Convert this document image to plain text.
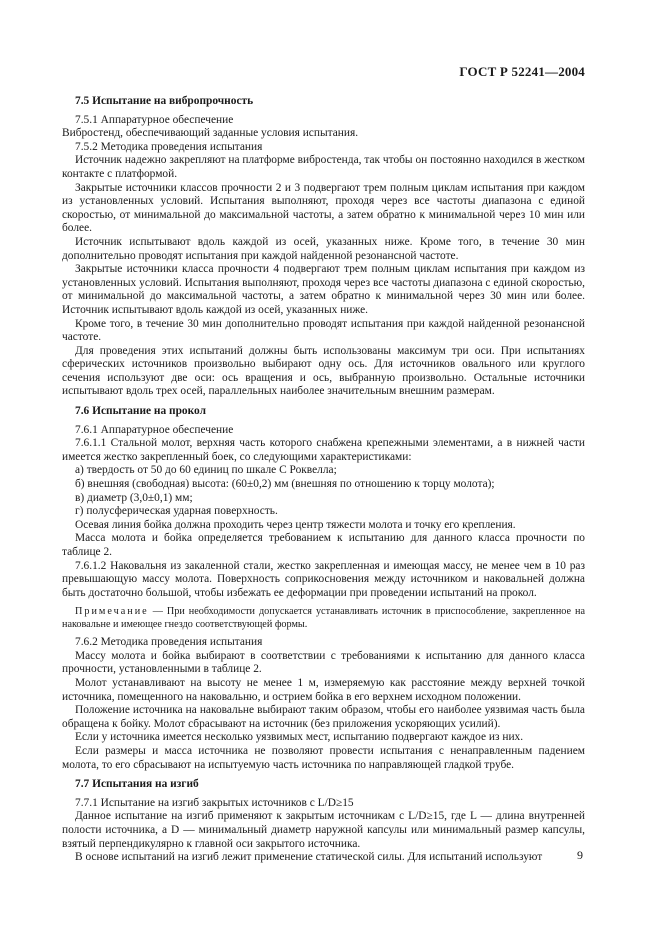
ГОСТ Р 52241—2004
7.5 Испытание на вибропрочность

7.5.1 Аппаратурное обеспечение

Вибростенд, обеспечивающий заданные условия испытания.

7.5.2 Методика проведения испытания

Источник надежно закрепляют на платформе вибростенда, так чтобы он постоянно находился в жестком контакте с платформой.

Закрытые источники классов прочности 2 и 3 подвергают трем полным циклам испытания при каждом из установленных условий. Испытания выполняют, проходя через все частоты диапазона с единой скоростью, от минимальной до максимальной частоты, а затем обратно к минимальной через 10 мин или более.

Источник испытывают вдоль каждой из осей, указанных ниже. Кроме того, в течение 30 мин дополнительно проводят испытания при каждой найденной резонансной частоте.

Закрытые источники класса прочности 4 подвергают трем полным циклам испытания при каждом из установленных условий. Испытания выполняют, проходя через все частоты диапазона с единой скоростью, от минимальной до максимальной частоты, а затем обратно к минимальной через 30 мин или более. Источник испытывают вдоль каждой из осей, указанных ниже.

Кроме того, в течение 30 мин дополнительно проводят испытания при каждой найденной резонансной частоте.

Для проведения этих испытаний должны быть использованы максимум три оси. При испытаниях сферических источников произвольно выбирают одну ось. Для источников овального или круглого сечения используют две оси: ось вращения и ось, выбранную произвольно. Остальные источники испытывают вдоль трех осей, параллельных наиболее значительным внешним размерам.

7.6 Испытание на прокол

7.6.1 Аппаратурное обеспечение

7.6.1.1 Стальной молот, верхняя часть которого снабжена крепежными элементами, а в нижней части имеется жестко закрепленный боек, со следующими характеристиками:

а) твердость от 50 до 60 единиц по шкале С Роквелла;

б) внешняя (свободная) высота: (60±0,2) мм (внешняя по отношению к торцу молота);

в) диаметр (3,0±0,1) мм;

г) полусферическая ударная поверхность.

Осевая линия бойка должна проходить через центр тяжести молота и точку его крепления.

Масса молота и бойка определяется требованием к испытанию для данного класса прочности по таблице 2.

7.6.1.2 Наковальня из закаленной стали, жестко закрепленная и имеющая массу, не менее чем в 10 раз превышающую массу молота. Поверхность соприкосновения между источником и наковальней должна быть достаточно большой, чтобы избежать ее деформации при проведении испытаний на прокол.

Примечание — При необходимости допускается устанавливать источник в приспособление, закрепленное на наковальне и имеющее гнездо соответствующей формы.

7.6.2 Методика проведения испытания

Массу молота и бойка выбирают в соответствии с требованиями к испытанию для данного класса прочности, установленными в таблице 2.

Молот устанавливают на высоту не менее 1 м, измеряемую как расстояние между верхней точкой источника, помещенного на наковальню, и острием бойка в его верхнем исходном положении.

Положение источника на наковальне выбирают таким образом, чтобы его наиболее уязвимая часть была обращена к бойку. Молот сбрасывают на источник (без приложения ускоряющих усилий).

Если у источника имеется несколько уязвимых мест, испытанию подвергают каждое из них.

Если размеры и масса источника не позволяют провести испытания с ненаправленным падением молота, то его сбрасывают на испытуемую часть источника по направляющей гладкой трубе.

7.7 Испытания на изгиб

7.7.1 Испытание на изгиб закрытых источников с L/D≥15

Данное испытание на изгиб применяют к закрытым источникам с L/D≥15, где L — длина внутренней полости источника, а D — минимальный диаметр наружной капсулы или минимальный размер капсулы, взятый перпендикулярно к главной оси закрытого источника.

В основе испытаний на изгиб лежит применение статической силы. Для испытаний используют	9
